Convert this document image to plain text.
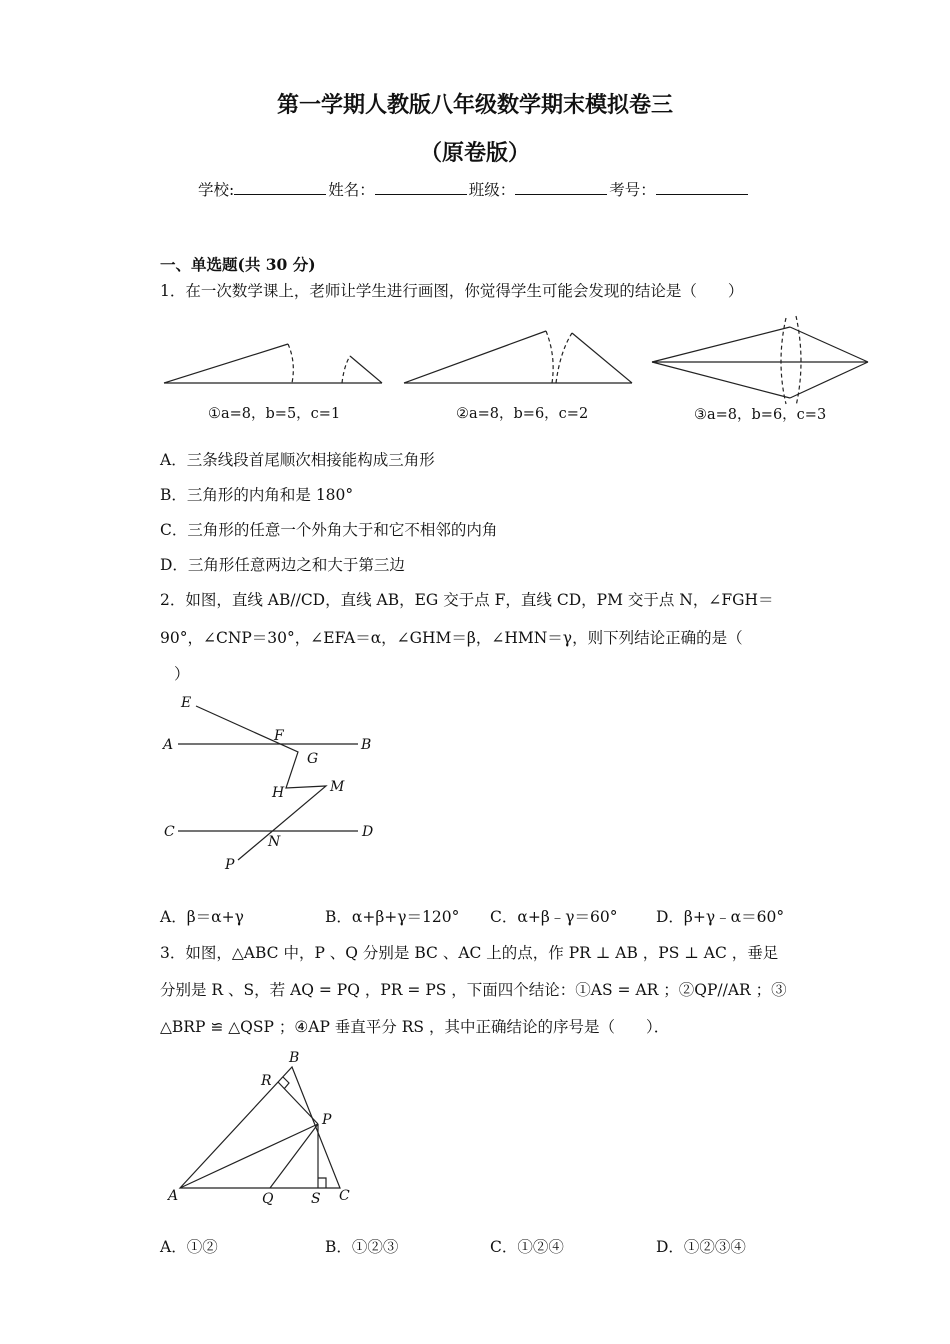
第一学期人教版八年级数学期末模拟卷三
（原卷版）
学校:	姓名：	班级：	考号：
一、单选题(共 30 分)
1．在一次数学课上，老师让学生进行画图，你觉得学生可能会发现的结论是（　　）
①a=8，b=5，c=1	②a=8，b=6，c=2	③a=8，b=6，c=3
A．三条线段首尾顺次相接能构成三角形
B．三角形的内角和是 180°
C．三角形的任意一个外角大于和它不相邻的内角
D．三角形任意两边之和大于第三边
2．如图，直线 AB//CD，直线 AB，EG 交于点 F，直线 CD，PM 交于点 N，∠FGH＝
90°，∠CNP＝30°，∠EFA＝α，∠GHM＝β，∠HMN＝γ，则下列结论正确的是（
）
E
F
A	B
G
H	M
C
N
D
P
A．β＝α+γ	B．α+β+γ＝120° C．α+β﹣γ＝60° D．β+γ﹣α＝60°
3．如图，△ABC 中，P 、Q 分别是 BC 、AC 上的点，作 PR ⊥ AB ，PS ⊥ AC ，垂足
分别是 R 、S，若 AQ = PQ ，PR = PS ，下面四个结论：①AS = AR ；②QP//AR ；③
△BRP ≌ △QSP ；④AP 垂直平分 RS ，其中正确结论的序号是（　　）．
B
R
P
A	Q	S C
A．①②	B．①②③	C．①②④	D．①②③④
